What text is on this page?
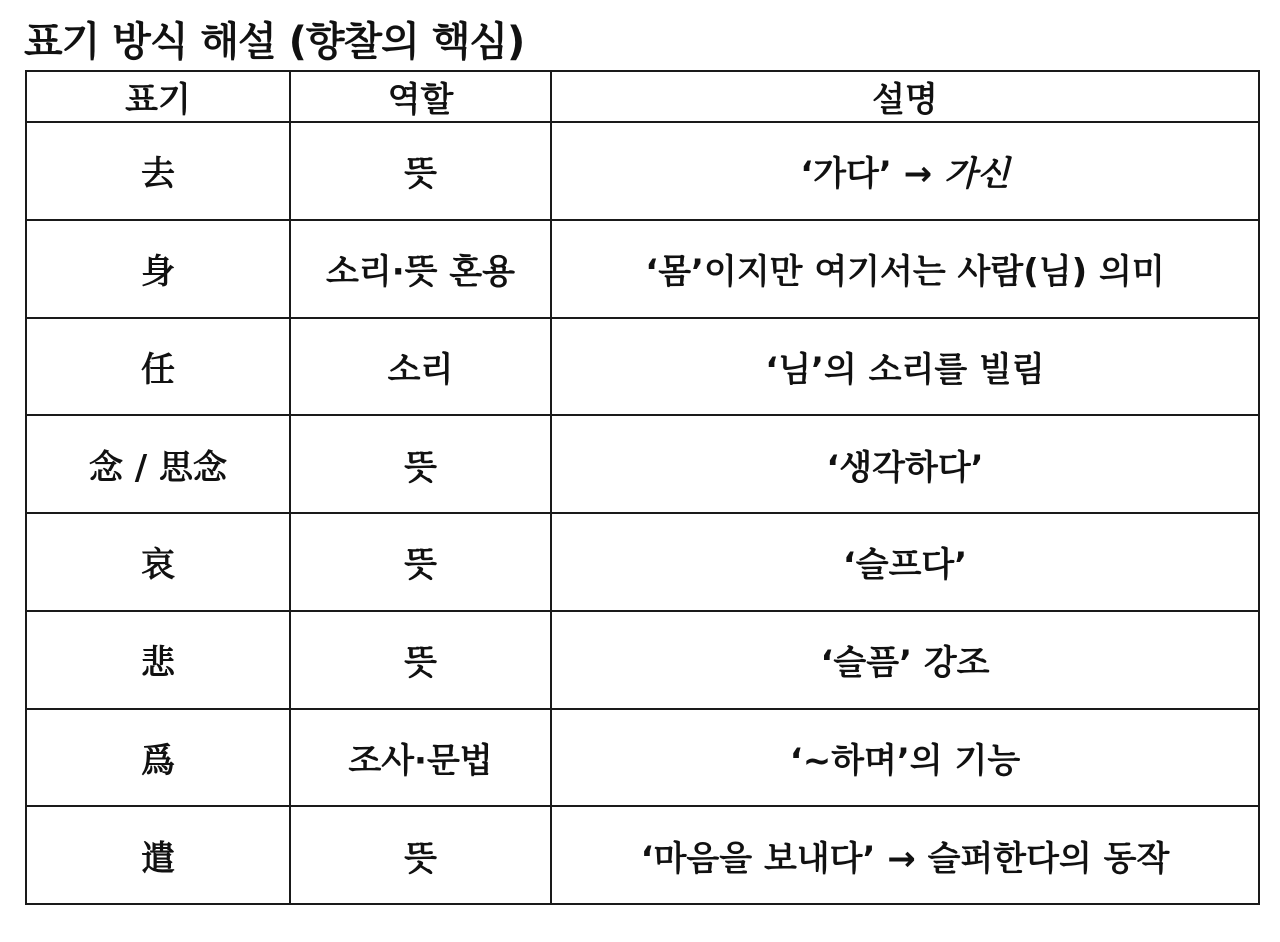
표기 방식 해설 (향찰의 핵심)
표기	역할	설명
去	뜻	‘가다’ → 가신
身	소리·뜻 혼용	‘몸’이지만 여기서는 사람(님) 의미
任	소리	‘님’의 소리를 빌림
念 / 思念	뜻	‘생각하다’
哀	뜻	‘슬프다’
悲	뜻	‘슬픔’ 강조
爲	조사·문법	‘~하며’의 기능
遣	뜻	‘마음을 보내다’ → 슬퍼한다의 동작
